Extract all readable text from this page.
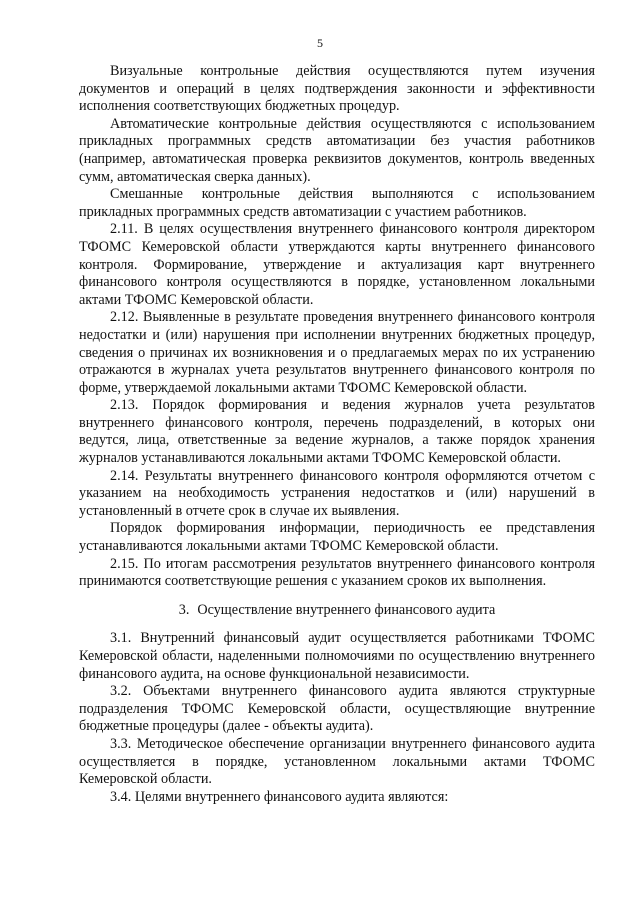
5

Визуальные контрольные действия осуществляются путем изучения документов и операций в целях подтверждения законности и эффективности исполнения соответствующих бюджетных процедур.

Автоматические контрольные действия осуществляются с использованием прикладных программных средств автоматизации без участия работников (например, автоматическая проверка реквизитов документов, контроль введенных сумм, автоматическая сверка данных).

Смешанные контрольные действия выполняются с использованием прикладных программных средств автоматизации с участием работников.

2.11. В целях осуществления внутреннего финансового контроля директором ТФОМС Кемеровской области утверждаются карты внутреннего финансового контроля. Формирование, утверждение и актуализация карт внутреннего финансового контроля осуществляются в порядке, установленном локальными актами ТФОМС Кемеровской области.

2.12. Выявленные в результате проведения внутреннего финансового контроля недостатки и (или) нарушения при исполнении внутренних бюджетных процедур, сведения о причинах их возникновения и о предлагаемых мерах по их устранению отражаются в журналах учета результатов внутреннего финансового контроля по форме, утверждаемой локальными актами ТФОМС Кемеровской области.

2.13. Порядок формирования и ведения журналов учета результатов внутреннего финансового контроля, перечень подразделений, в которых они ведутся, лица, ответственные за ведение журналов, а также порядок хранения журналов устанавливаются локальными актами ТФОМС Кемеровской области.

2.14. Результаты внутреннего финансового контроля оформляются отчетом с указанием на необходимость устранения недостатков и (или) нарушений в установленный в отчете срок в случае их выявления.

Порядок формирования информации, периодичность ее представления устанавливаются локальными актами ТФОМС Кемеровской области.

2.15. По итогам рассмотрения результатов внутреннего финансового контроля принимаются соответствующие решения с указанием сроков их выполнения.

3. Осуществление внутреннего финансового аудита

3.1. Внутренний финансовый аудит осуществляется работниками ТФОМС Кемеровской области, наделенными полномочиями по осуществлению внутреннего финансового аудита, на основе функциональной независимости.

3.2. Объектами внутреннего финансового аудита являются структурные подразделения ТФОМС Кемеровской области, осуществляющие внутренние бюджетные процедуры (далее - объекты аудита).

3.3. Методическое обеспечение организации внутреннего финансового аудита осуществляется в порядке, установленном локальными актами ТФОМС Кемеровской области.

3.4. Целями внутреннего финансового аудита являются:
